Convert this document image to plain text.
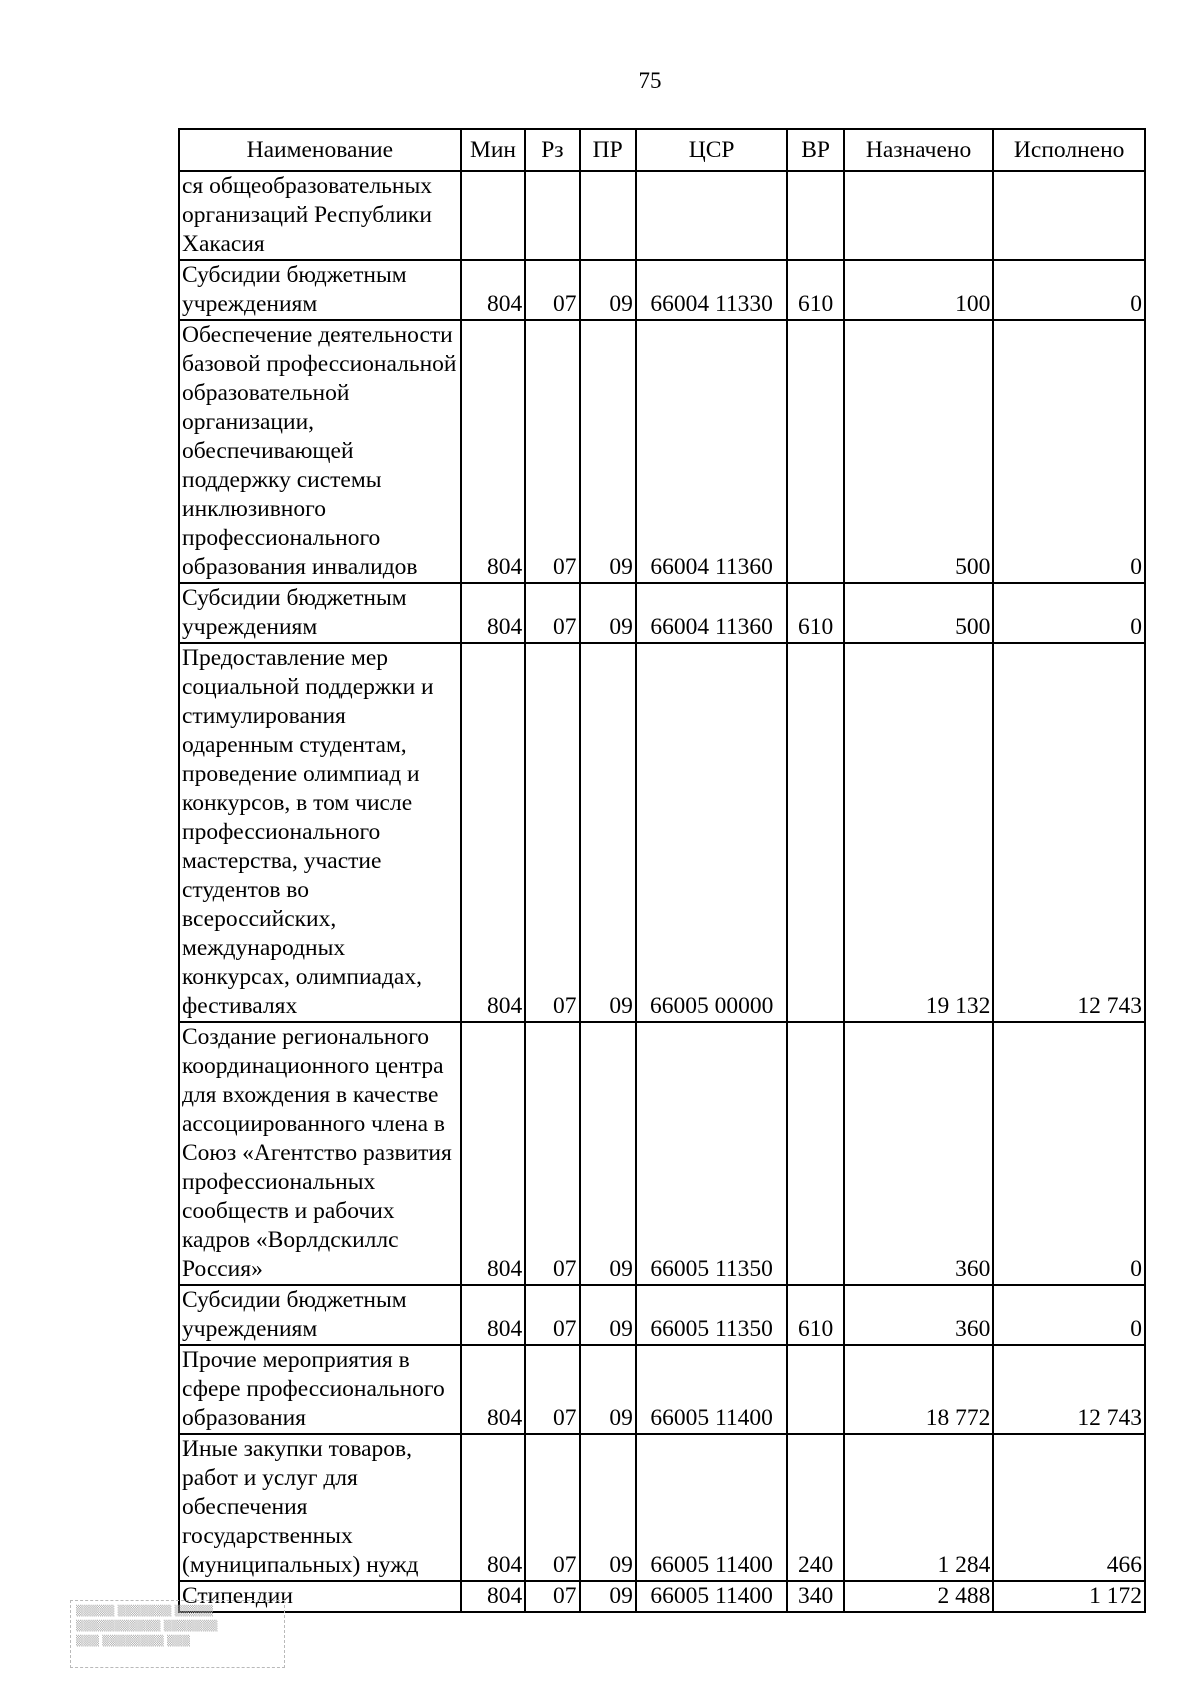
75
Наименование	Мин	Рз	ПР	ЦСР	ВР	Назначено	Исполнено
ся общеобразовательных организаций Республики Хакасия							
Субсидии бюджетным учреждениям	804	07	09	66004 11330	610	100	0
Обеспечение деятельности базовой профессиональной образовательной организации, обеспечивающей поддержку системы инклюзивного профессионального образования инвалидов	804	07	09	66004 11360		500	0
Субсидии бюджетным учреждениям	804	07	09	66004 11360	610	500	0
Предоставление мер социальной поддержки и стимулирования одаренным студентам, проведение олимпиад и конкурсов, в том числе профессионального мастерства, участие студентов во всероссийских, международных конкурсах, олимпиадах, фестивалях	804	07	09	66005 00000		19 132	12 743
Создание регионального координационного центра для вхождения в качестве ассоциированного члена в Союз «Агентство развития профессиональных сообществ и рабочих кадров «Ворлдскиллс Россия»	804	07	09	66005 11350		360	0
Субсидии бюджетным учреждениям	804	07	09	66005 11350	610	360	0
Прочие мероприятия в сфере профессионального образования	804	07	09	66005 11400		18 772	12 743
Иные закупки товаров, работ и услуг для обеспечения государственных (муниципальных) нужд	804	07	09	66005 11400	240	1 284	466
Стипендии	804	07	09	66005 11400	340	2 488	1 172
▒▒▒▒▒ ▒▒▒▒▒▒▒ ▒▒▒▒▒
▒▒▒▒▒▒▒▒▒▒▒ ▒▒▒▒▒▒▒
▒▒▒ ▒▒▒▒▒▒▒▒ ▒▒▒
